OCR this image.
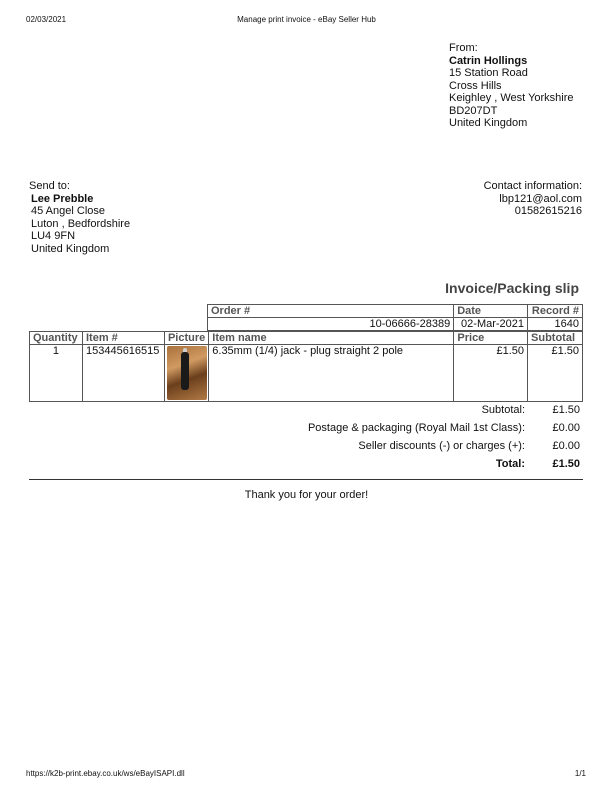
02/03/2021	Manage print invoice - eBay Seller Hub
From:
Catrin Hollings
15 Station Road
Cross Hills
Keighley , West Yorkshire
BD207DT
United Kingdom
Send to:
Lee Prebble
45 Angel Close
Luton , Bedfordshire
LU4 9FN
United Kingdom
Contact information:
lbp121@aol.com
01582615216
Invoice/Packing slip
Order #	Date	Record #
10-06666-28389	02-Mar-2021	1640
Quantity	Item #	Picture	Item name	Price	Subtotal
1	153445616515		6.35mm (1/4) jack - plug straight 2 pole	£1.50	£1.50
Subtotal: £1.50
Postage & packaging (Royal Mail 1st Class): £0.00
Seller discounts (-) or charges (+): £0.00
Total: £1.50
Thank you for your order!
https://k2b-print.ebay.co.uk/ws/eBayISAPI.dll	1/1
